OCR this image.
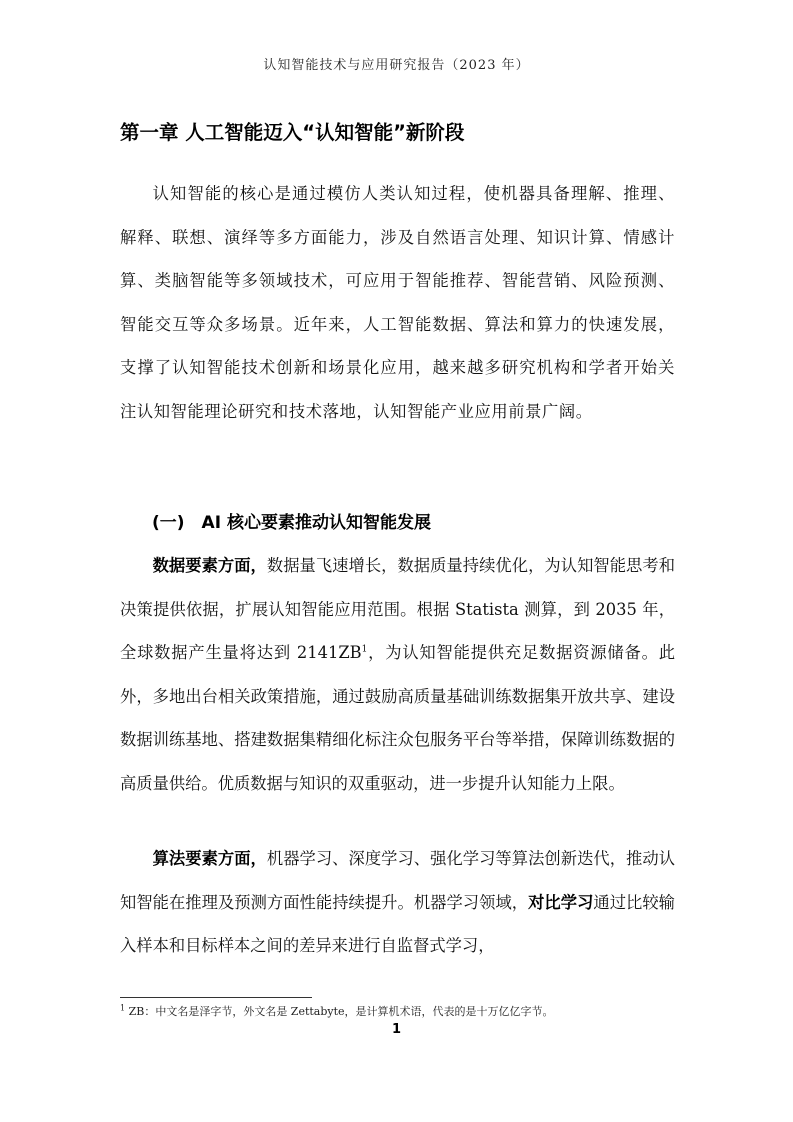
认知智能技术与应用研究报告（2023 年）
第一章 人工智能迈入“认知智能”新阶段

认知智能的核心是通过模仿人类认知过程，使机器具备理解、推理、解释、联想、演绎等多方面能力，涉及自然语言处理、知识计算、情感计算、类脑智能等多领域技术，可应用于智能推荐、智能营销、风险预测、智能交互等众多场景。近年来，人工智能数据、算法和算力的快速发展，支撑了认知智能技术创新和场景化应用，越来越多研究机构和学者开始关注认知智能理论研究和技术落地，认知智能产业应用前景广阔。

(一)　AI 核心要素推动认知智能发展

数据要素方面，数据量飞速增长，数据质量持续优化，为认知智能思考和决策提供依据，扩展认知智能应用范围。根据 Statista 测算，到 2035 年，全球数据产生量将达到 $2141ZB^1$，为认知智能提供充足数据资源储备。此外，多地出台相关政策措施，通过鼓励高质量基础训练数据集开放共享、建设数据训练基地、搭建数据集精细化标注众包服务平台等举措，保障训练数据的高质量供给。优质数据与知识的双重驱动，进一步提升认知能力上限。

算法要素方面，机器学习、深度学习、强化学习等算法创新迭代，推动认知智能在推理及预测方面性能持续提升。机器学习领域，对比学习通过比较输入样本和目标样本之间的差异来进行自监督式学习，

$^1$ ZB：中文名是泽字节，外文名是 Zettabyte，是计算机术语，代表的是十万亿亿字节。

1
